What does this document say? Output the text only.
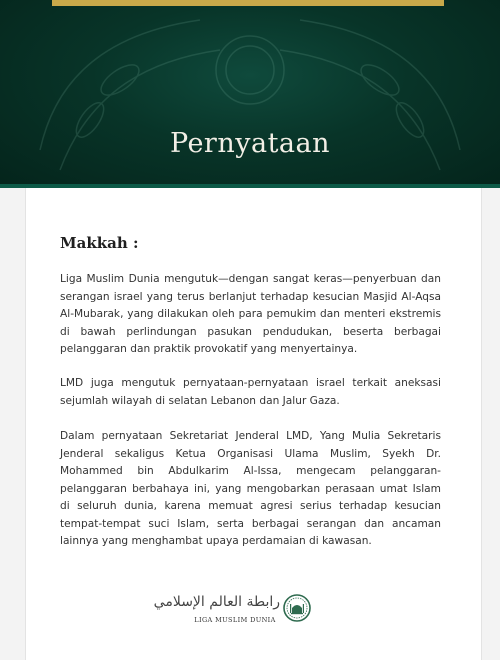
Pernyataan
Makkah :

Liga Muslim Dunia mengutuk—dengan sangat keras—penyerbuan dan serangan israel yang terus berlanjut terhadap kesucian Masjid Al-Aqsa Al-Mubarak, yang dilakukan oleh para pemukim dan menteri ekstremis di bawah perlindungan pasukan pendudukan, beserta berbagai pelanggaran dan praktik provokatif yang menyertainya.

LMD juga mengutuk pernyataan-pernyataan israel terkait aneksasi sejumlah wilayah di selatan Lebanon dan Jalur Gaza.

Dalam pernyataan Sekretariat Jenderal LMD, Yang Mulia Sekretaris Jenderal sekaligus Ketua Organisasi Ulama Muslim, Syekh Dr. Mohammed bin Abdulkarim Al-Issa, mengecam pelanggaran-pelanggaran berbahaya ini, yang mengobarkan perasaan umat Islam di seluruh dunia, karena memuat agresi serius terhadap kesucian tempat-tempat suci Islam, serta berbagai serangan dan ancaman lainnya yang menghambat upaya perdamaian di kawasan.

رابطة العالم الإسلامي
LIGA MUSLIM DUNIA
